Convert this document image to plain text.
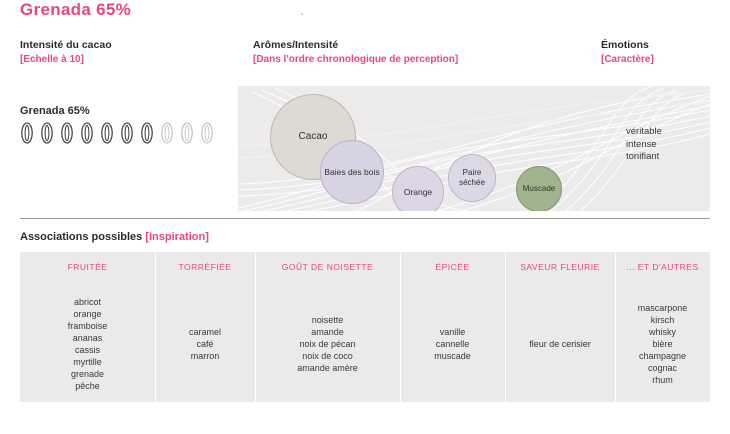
Grenada 65%
Intensité du cacao
[Echelle à 10]
Arômes/Intensité
[Dans l'ordre chronologique de perception]
Émotions
[Caractère]
Grenada 65%
Cacao
Baies des bois
Orange
Paire séchée
Muscade
véritable
intense
tonifiant
Associations possibles [Inspiration]
FRUITÉE
abricot
orange
framboise
ananas
cassis
myrtille
grenade
pêche
TORRÉFIÉE
caramel
café
marron
GOÛT DE NOISETTE
noisette
amande
noix de pécan
noix de coco
amande amère
ÉPICÉE
vanille
cannelle
muscade
SAVEUR FLEURIE
fleur de cerisier
... ET D'AUTRES
mascarpone
kirsch
whisky
bière
champagne
cognac
rhum
